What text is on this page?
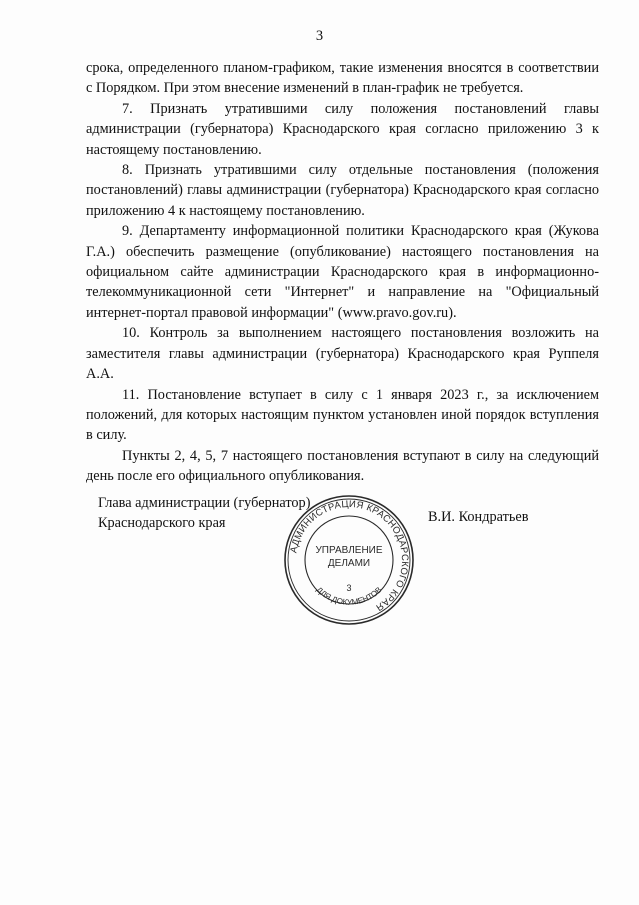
3

срока, определенного планом-графиком, такие изменения вносятся в соответствии с Порядком. При этом внесение изменений в план-график не требуется.

7. Признать утратившими силу положения постановлений главы администрации (губернатора) Краснодарского края согласно приложению 3 к настоящему постановлению.

8. Признать утратившими силу отдельные постановления (положения постановлений) главы администрации (губернатора) Краснодарского края согласно приложению 4 к настоящему постановлению.

9. Департаменту информационной политики Краснодарского края (Жукова Г.А.) обеспечить размещение (опубликование) настоящего постановления на официальном сайте администрации Краснодарского края в информационно-телекоммуникационной сети "Интернет" и направление на "Официальный интернет-портал правовой информации" (www.pravo.gov.ru).

10. Контроль за выполнением настоящего постановления возложить на заместителя главы администрации (губернатора) Краснодарского края Руппеля А.А.

11. Постановление вступает в силу с 1 января 2023 г., за исключением положений, для которых настоящим пунктом установлен иной порядок вступления в силу.

Пункты 2, 4, 5, 7 настоящего постановления вступают в силу на следующий день после его официального опубликования.

Глава администрации (губернатор)
Краснодарского края	В.И. Кондратьев
АДМИНИСТРАЦИЯ КРАСНОДАРСКОГО КРАЯ
ДЛЯ ДОКУМЕНТОВ
УПРАВЛЕНИЕ
ДЕЛАМИ
3
